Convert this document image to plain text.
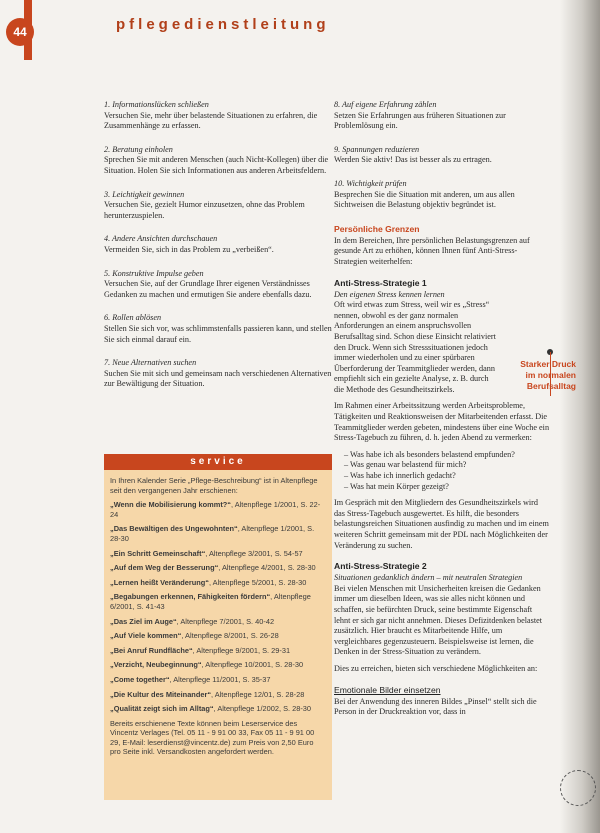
44	pflegedienstleitung
1. Informationslücken schließen
Versuchen Sie, mehr über belastende Situationen zu erfahren, die Zusammenhänge zu erfassen.
2. Beratung einholen
Sprechen Sie mit anderen Menschen (auch Nicht-Kollegen) über die Situation. Holen Sie sich Informationen aus anderen Arbeitsfeldern.
3. Leichtigkeit gewinnen
Versuchen Sie, gezielt Humor einzusetzen, ohne das Problem herunterzuspielen.
4. Andere Ansichten durchschauen
Vermeiden Sie, sich in das Problem zu „verbeißen“.
5. Konstruktive Impulse geben
Versuchen Sie, auf der Grundlage Ihrer eigenen Verständnisses Gedanken zu machen und ermutigen Sie andere ebenfalls dazu.
6. Rollen ablösen
Stellen Sie sich vor, was schlimmstenfalls passieren kann, und stellen Sie sich einmal darauf ein.
7. Neue Alternativen suchen
Suchen Sie mit sich und gemeinsam nach verschiedenen Alternativen zur Bewältigung der Situation.
8. Auf eigene Erfahrung zählen
Setzen Sie Erfahrungen aus früheren Situationen zur Problemlösung ein.
9. Spannungen reduzieren
Werden Sie aktiv! Das ist besser als zu ertragen.
10. Wichtigkeit prüfen
Besprechen Sie die Situation mit anderen, um aus allen Sichtweisen die Belastung objektiv begründet ist.
Persönliche Grenzen

In dem Bereichen, Ihre persönlichen Belastungsgrenzen auf gesunde Art zu erhöhen, können Ihnen fünf Anti-Stress-Strategien weiterhelfen:

Anti-Stress-Strategie 1
Den eigenen Stress kennen lernen

Oft wird etwas zum Stress, weil wir es „Stress“ nennen, obwohl es der ganz normalen Anforderungen an einem anspruchsvollen Berufsalltag sind. Schon diese Einsicht relativiert den Druck. Wenn sich Stresssituationen jedoch immer wiederholen und zu einer spürbaren Überforderung der Teammitglieder werden, dann empfiehlt sich ein gezielte Analyse, z. B. durch die Methode des Gesundheitszirkels.

Im Rahmen einer Arbeitssitzung werden Arbeitsprobleme, Tätigkeiten und Reaktionsweisen der Mitarbeitenden erfasst. Die Teammitglieder werden gebeten, mindestens über eine Woche ein Stress-Tagebuch zu führen, d. h. jeden Abend zu vermerken:

– Was habe ich als besonders belastend empfunden?
– Was genau war belastend für mich?
– Was habe ich innerlich gedacht?
– Was hat mein Körper gezeigt?

Im Gespräch mit den Mitgliedern des Gesundheitszirkels wird das Stress-Tagebuch ausgewertet. Es hilft, die besonders belastungsreichen Situationen ausfindig zu machen und im einem weiteren Schritt gemeinsam mit der PDL nach Möglichkeiten der Veränderung zu suchen.

Anti-Stress-Strategie 2
Situationen gedanklich ändern – mit neutralen Strategien

Bei vielen Menschen mit Unsicherheiten kreisen die Gedanken immer um dieselben Ideen, was sie alles nicht können und schaffen, sie befürchten Druck, seine bestimmte Eigenschaft lehnt er sich gar nicht annehmen. Dieses Defizitdenken belastet zusätzlich. Hier braucht es Mitarbeitende Hilfe, um vergleichbares gegenzusteuern. Beispielsweise ist lernen, die Denken in der Stress-Situation zu verändern.

Dies zu erreichen, bieten sich verschiedene Möglichkeiten an:

Emotionale Bilder einsetzen

Bei der Anwendung des inneren Bildes „Pinsel“ stellt sich die Person in der Druckreaktion vor, dass in

Starker Druck im normalen Berufsalltag
service

In Ihren Kalender Serie „Pflege-Beschreibung“ ist in Altenpflege seit den vergangenen Jahr erschienen:

„Wenn die Mobilisierung kommt?“, Altenpflege 1/2001, S. 22-24

„Das Bewältigen des Ungewohnten“, Altenpflege 1/2001, S. 28-30

„Ein Schritt Gemeinschaft“, Altenpflege 3/2001, S. 54-57

„Auf dem Weg der Besserung“, Altenpflege 4/2001, S. 28-30

„Lernen heißt Veränderung“, Altenpflege 5/2001, S. 28-30

„Begabungen erkennen, Fähigkeiten fördern“, Altenpflege 6/2001, S. 41-43

„Das Ziel im Auge“, Altenpflege 7/2001, S. 40-42

„Auf Viele kommen“, Altenpflege 8/2001, S. 26-28

„Bei Anruf Rundfläche“, Altenpflege 9/2001, S. 29-31

„Verzicht, Neubeginnung“, Altenpflege 10/2001, S. 28-30

„Come together“, Altenpflege 11/2001, S. 35-37

„Die Kultur des Miteinander“, Altenpflege 12/01, S. 28-28

„Qualität zeigt sich im Alltag“, Altenpflege 1/2002, S. 28-30

Bereits erschienene Texte können beim Leserservice des Vincentz Verlages (Tel. 05 11 - 9 91 00 33, Fax 05 11 - 9 91 00 29, E-Mail: leserdienst@vincentz.de) zum Preis von 2,50 Euro pro Seite inkl. Versandkosten angefordert werden.
